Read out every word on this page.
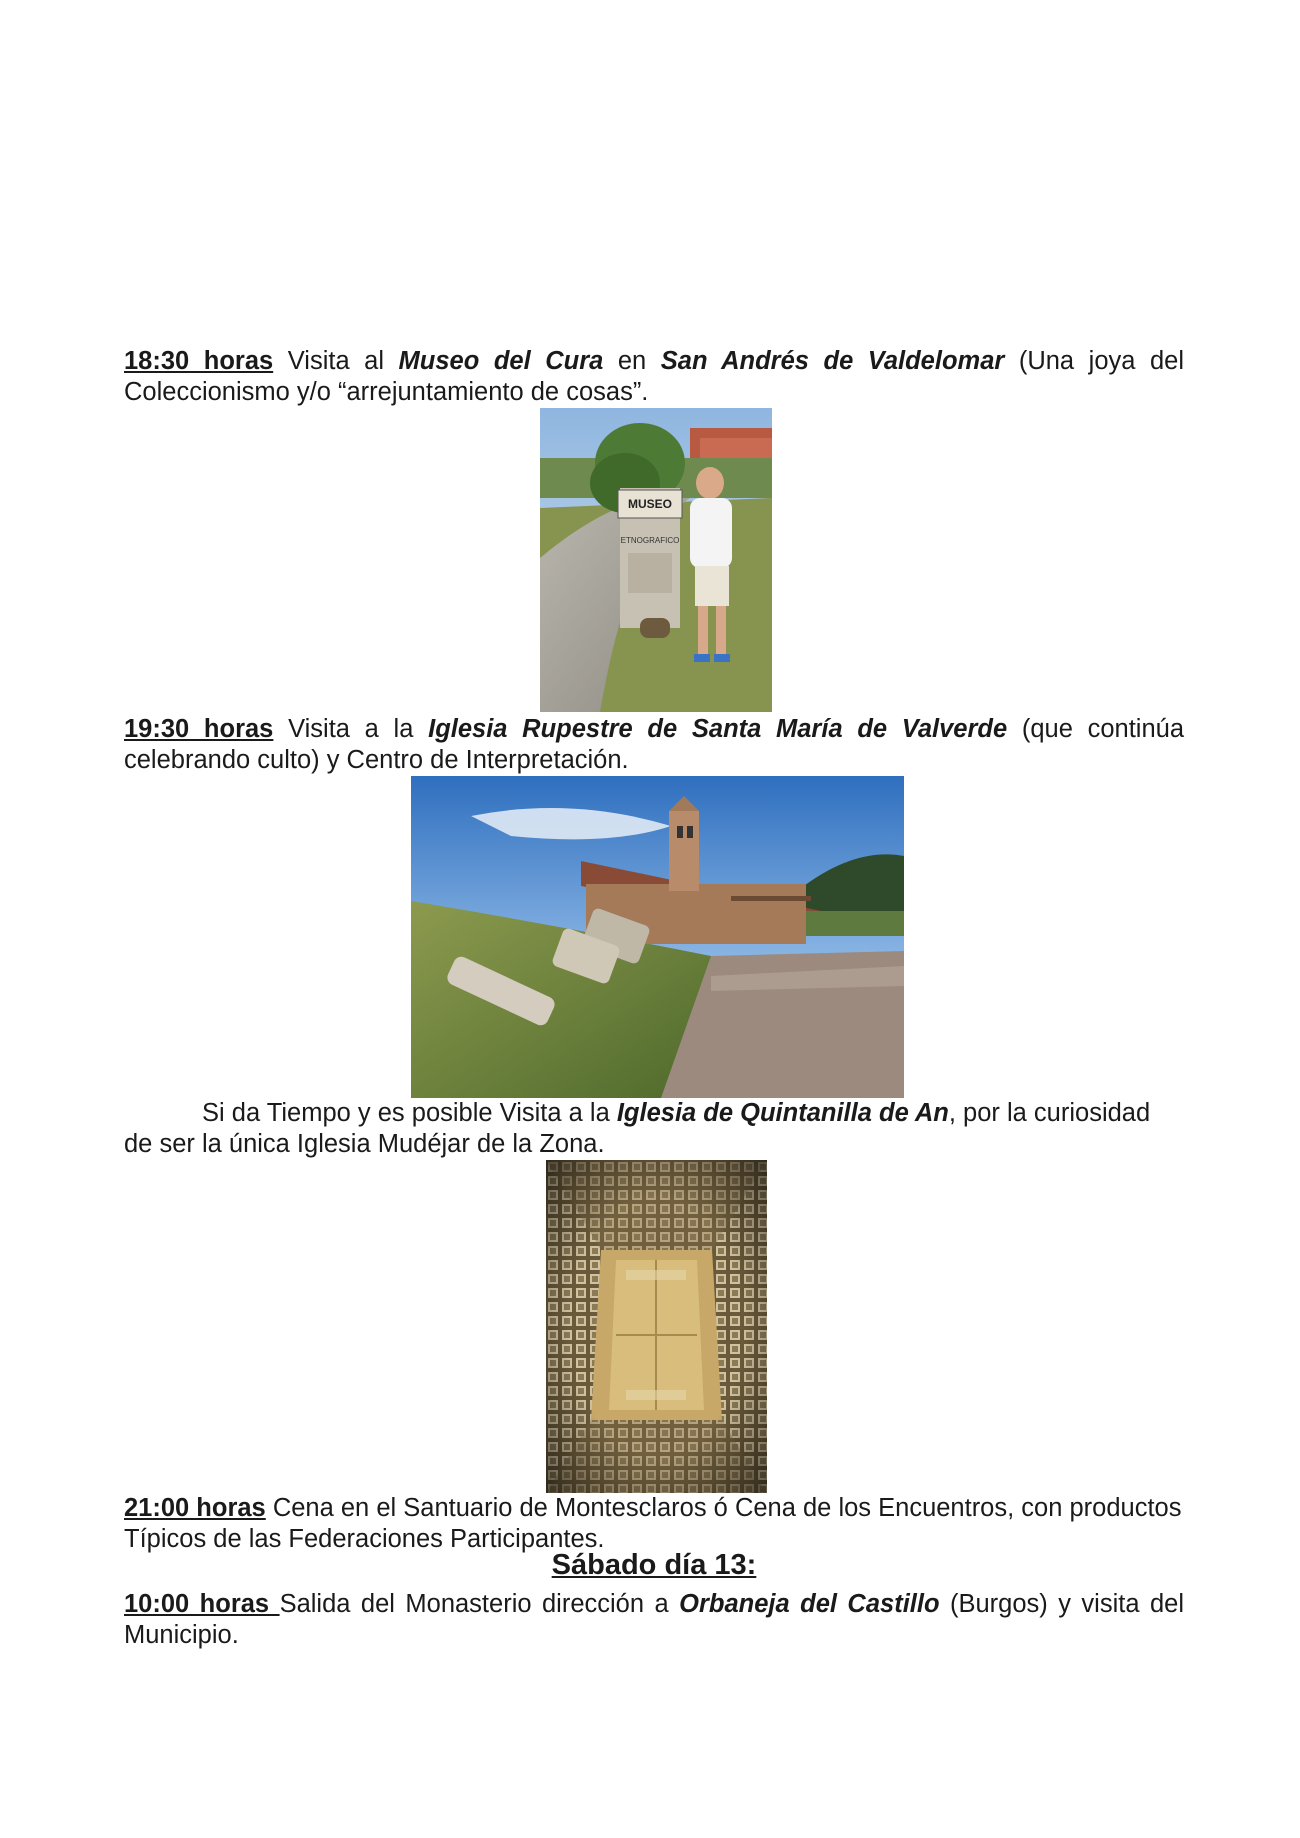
18:30 horas Visita al Museo del Cura en San Andrés de Valdelomar (Una joya del Coleccionismo y/o “arrejuntamiento de cosas”.

MUSEO
ETNOGRAFICO

19:30 horas Visita a la Iglesia Rupestre de Santa María de Valverde (que continúa celebrando culto) y Centro de Interpretación.

Si da Tiempo y es posible Visita a la Iglesia de Quintanilla de An, por la curiosidad de ser la única Iglesia Mudéjar de la Zona.

21:00 horas Cena en el Santuario de Montesclaros ó Cena de los Encuentros, con productos Típicos de las Federaciones Participantes.

Sábado día 13:

10:00 horas Salida del Monasterio dirección a Orbaneja del Castillo (Burgos) y visita del Municipio.
